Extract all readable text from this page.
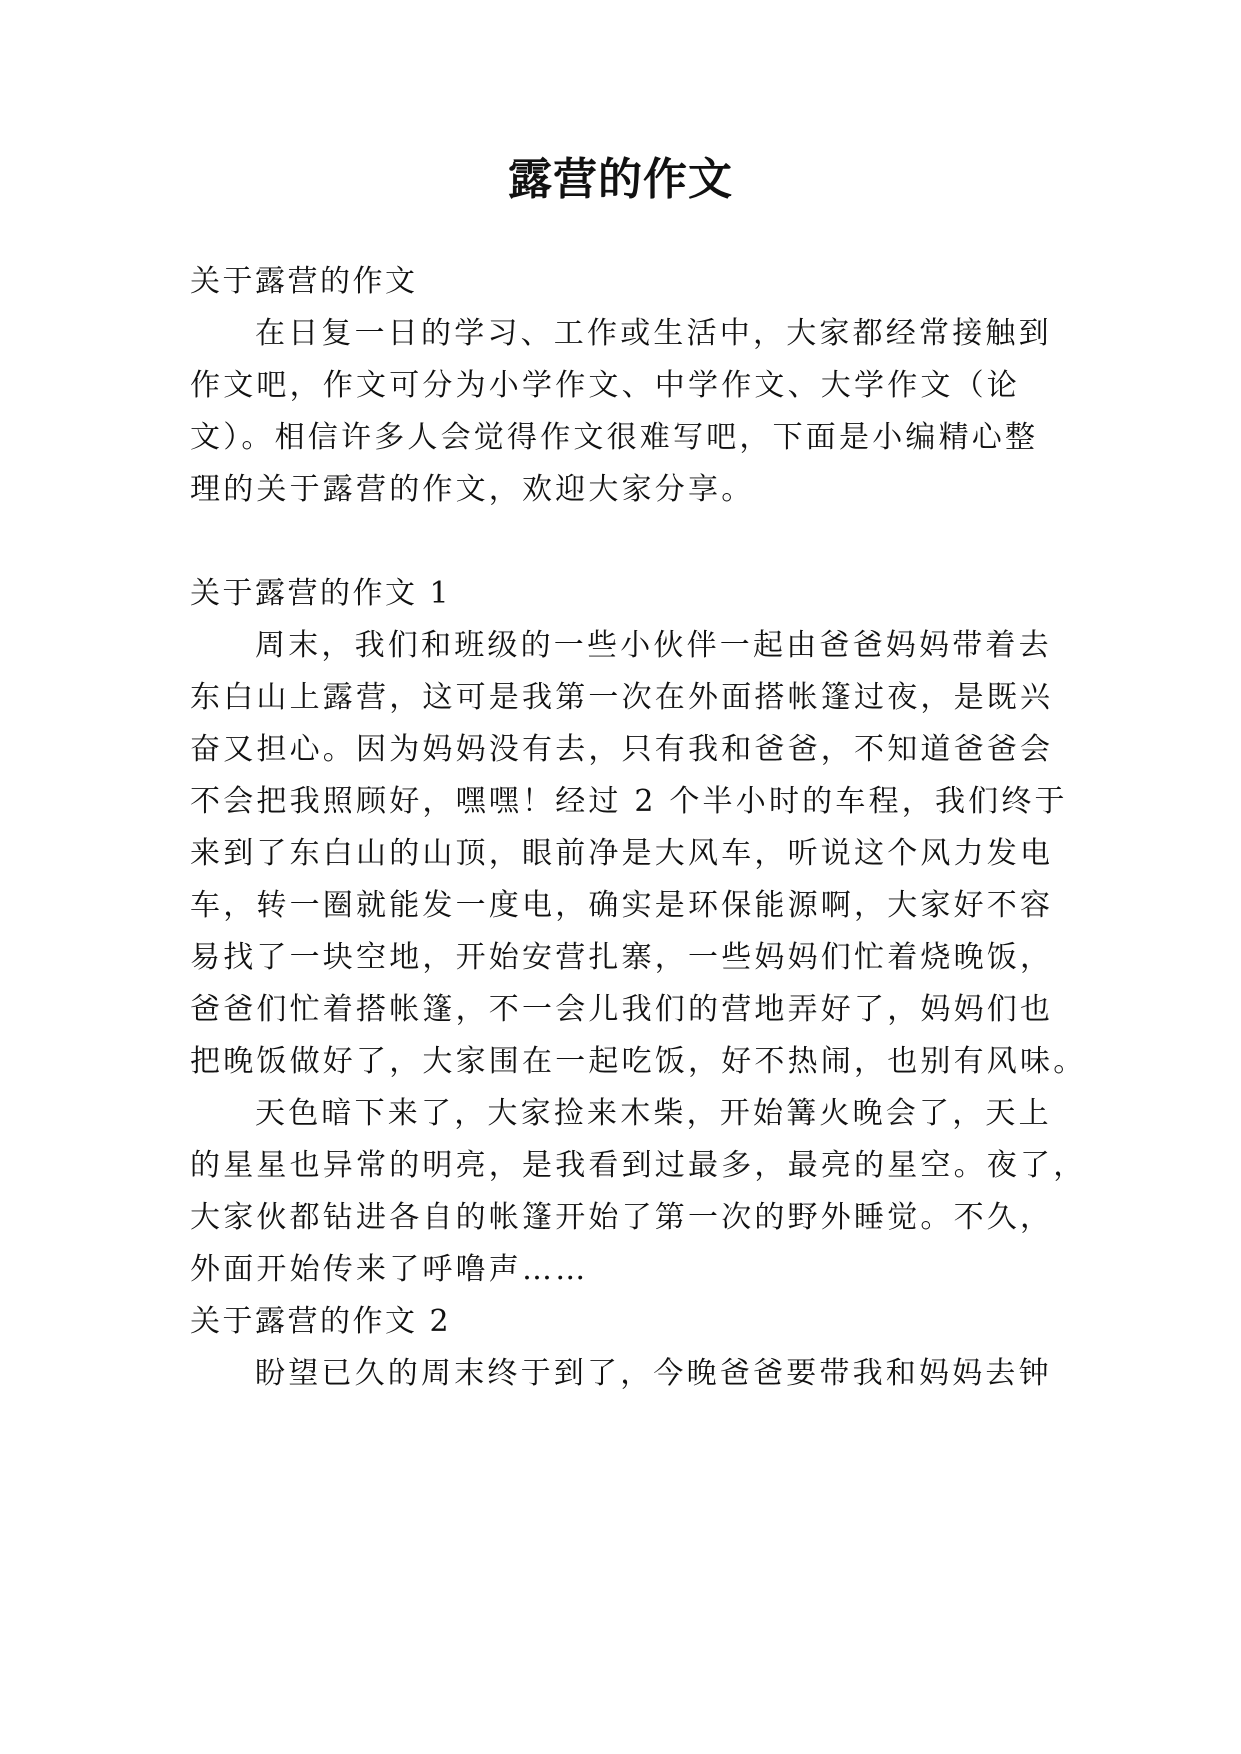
露营的作文
关于露营的作文
在日复一日的学习、工作或生活中，大家都经常接触到
作文吧，作文可分为小学作文、中学作文、大学作文（论
文）。相信许多人会觉得作文很难写吧，下面是小编精心整
理的关于露营的作文，欢迎大家分享。
关于露营的作文 1
周末，我们和班级的一些小伙伴一起由爸爸妈妈带着去
东白山上露营，这可是我第一次在外面搭帐篷过夜，是既兴
奋又担心。因为妈妈没有去，只有我和爸爸，不知道爸爸会
不会把我照顾好，嘿嘿！经过 2 个半小时的车程，我们终于
来到了东白山的山顶，眼前净是大风车，听说这个风力发电
车，转一圈就能发一度电，确实是环保能源啊，大家好不容
易找了一块空地，开始安营扎寨，一些妈妈们忙着烧晚饭，
爸爸们忙着搭帐篷，不一会儿我们的营地弄好了，妈妈们也
把晚饭做好了，大家围在一起吃饭，好不热闹，也别有风味。
天色暗下来了，大家捡来木柴，开始篝火晚会了，天上
的星星也异常的明亮，是我看到过最多，最亮的星空。夜了，
大家伙都钻进各自的帐篷开始了第一次的野外睡觉。不久，
外面开始传来了呼噜声……
关于露营的作文 2
盼望已久的周末终于到了，今晚爸爸要带我和妈妈去钟
